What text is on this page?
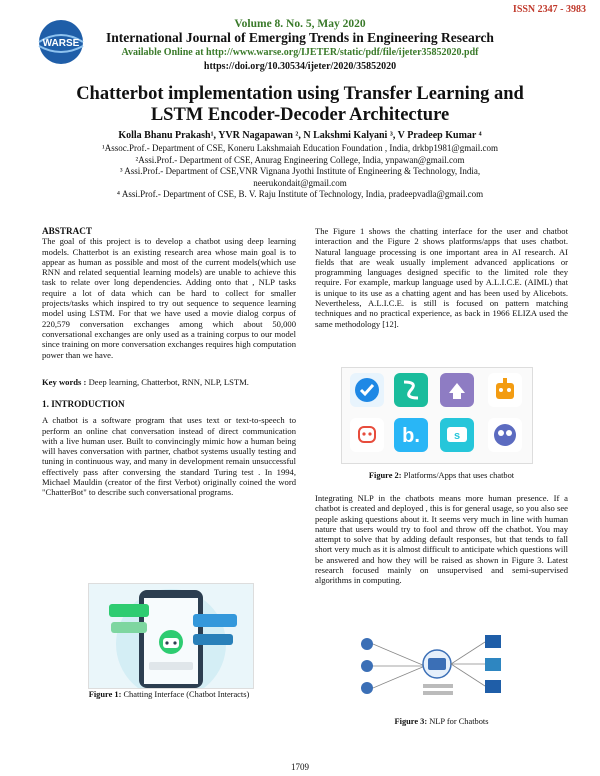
ISSN 2347 - 3983
WARSE
Volume 8. No. 5, May 2020
International Journal of Emerging Trends in Engineering Research
Available Online at http://www.warse.org/IJETER/static/pdf/file/ijeter35852020.pdf
https://doi.org/10.30534/ijeter/2020/35852020
Chatterbot implementation using Transfer Learning and
LSTM Encoder-Decoder Architecture
Kolla Bhanu Prakash¹, YVR Nagapawan ², N Lakshmi Kalyani ³, V Pradeep Kumar ⁴
¹Assoc.Prof.- Department of CSE, Koneru Lakshmaiah Education Foundation , India, drkbp1981@gmail.com
²Assi.Prof.- Department of CSE, Anurag Engineering College, India, ynpawan@gmail.com
³ Assi.Prof.- Department of CSE,VNR Vignana Jyothi Institute of Engineering & Technology, India,
neerukondait@gmail.com
⁴ Assi.Prof.- Department of CSE, B. V. Raju Institute of Technology, India, pradeepvadla@gmail.com
ABSTRACT
The goal of this project is to develop a chatbot using deep learning models. Chatterbot is an existing research area whose main goal is to appear as human as possible and most of the current models(which use RNN and related sequential learning models) are unable to achieve this task to relate over long dependencies. Adding onto that , NLP tasks require a lot of data which can be hard to collect for smaller projects/tasks which inspired to try out sequence to sequence learning model using LSTM. For that we have used a movie dialog corpus of 220,579 conversation exchanges among which about 50,000 conversational exchanges are only used as a training corpus to our model since training on more conversation exchanges requires high computation power than we have.
Key words : Deep learning, Chatterbot, RNN, NLP, LSTM.
1. INTRODUCTION
A chatbot is a software program that uses text or text-to-speech to perform an online chat conversation instead of direct communication with a live human user. Built to convincingly mimic how a human being will haves conversation with partner, chatbot systems usually testing and tuning in continuous way, and many in development remain unsuccessful effectively pass after conversing the standard Turing test . In 1994, Michael Mauldin (creator of the first Verbot) originally coined the word "ChatterBot" to describe such conversational programs.
Figure 1: Chatting Interface (Chatbot Interacts)
The Figure 1 shows the chatting interface for the user and chatbot interaction and the Figure 2 shows platforms/apps that uses chatbot. Natural language processing is one important area in AI research. AI fields that are weak usually implement advanced applications or programming languages designed specific to the limited role they require. For example, markup language used by A.L.I.C.E. (AIML) that is unique to its use as a chatting agent and has been used by Alicebots. Nevertheless, A.L.I.C.E. is still is focused on pattern matching techniques and no practical experience, as back in 1966 ELIZA used the same methodology [12].
b.	s
Figure 2: Platforms/Apps that uses chatbot
Integrating NLP in the chatbots means more human presence. If a chatbot is created and deployed , this is for general usage, so you also see people asking questions about it. It seems very much in line with human nature that users would try to fool and throw off the chatbot. You may attempt to solve that by adding default responses, but that tends to fall short very much as it is almost difficult to anticipate which questions will be answered and how they will be raised as shown in Figure 3. Latest research focused mainly on unsupervised and semi-supervised algorithms in computing.
Figure 3: NLP for Chatbots
1709
